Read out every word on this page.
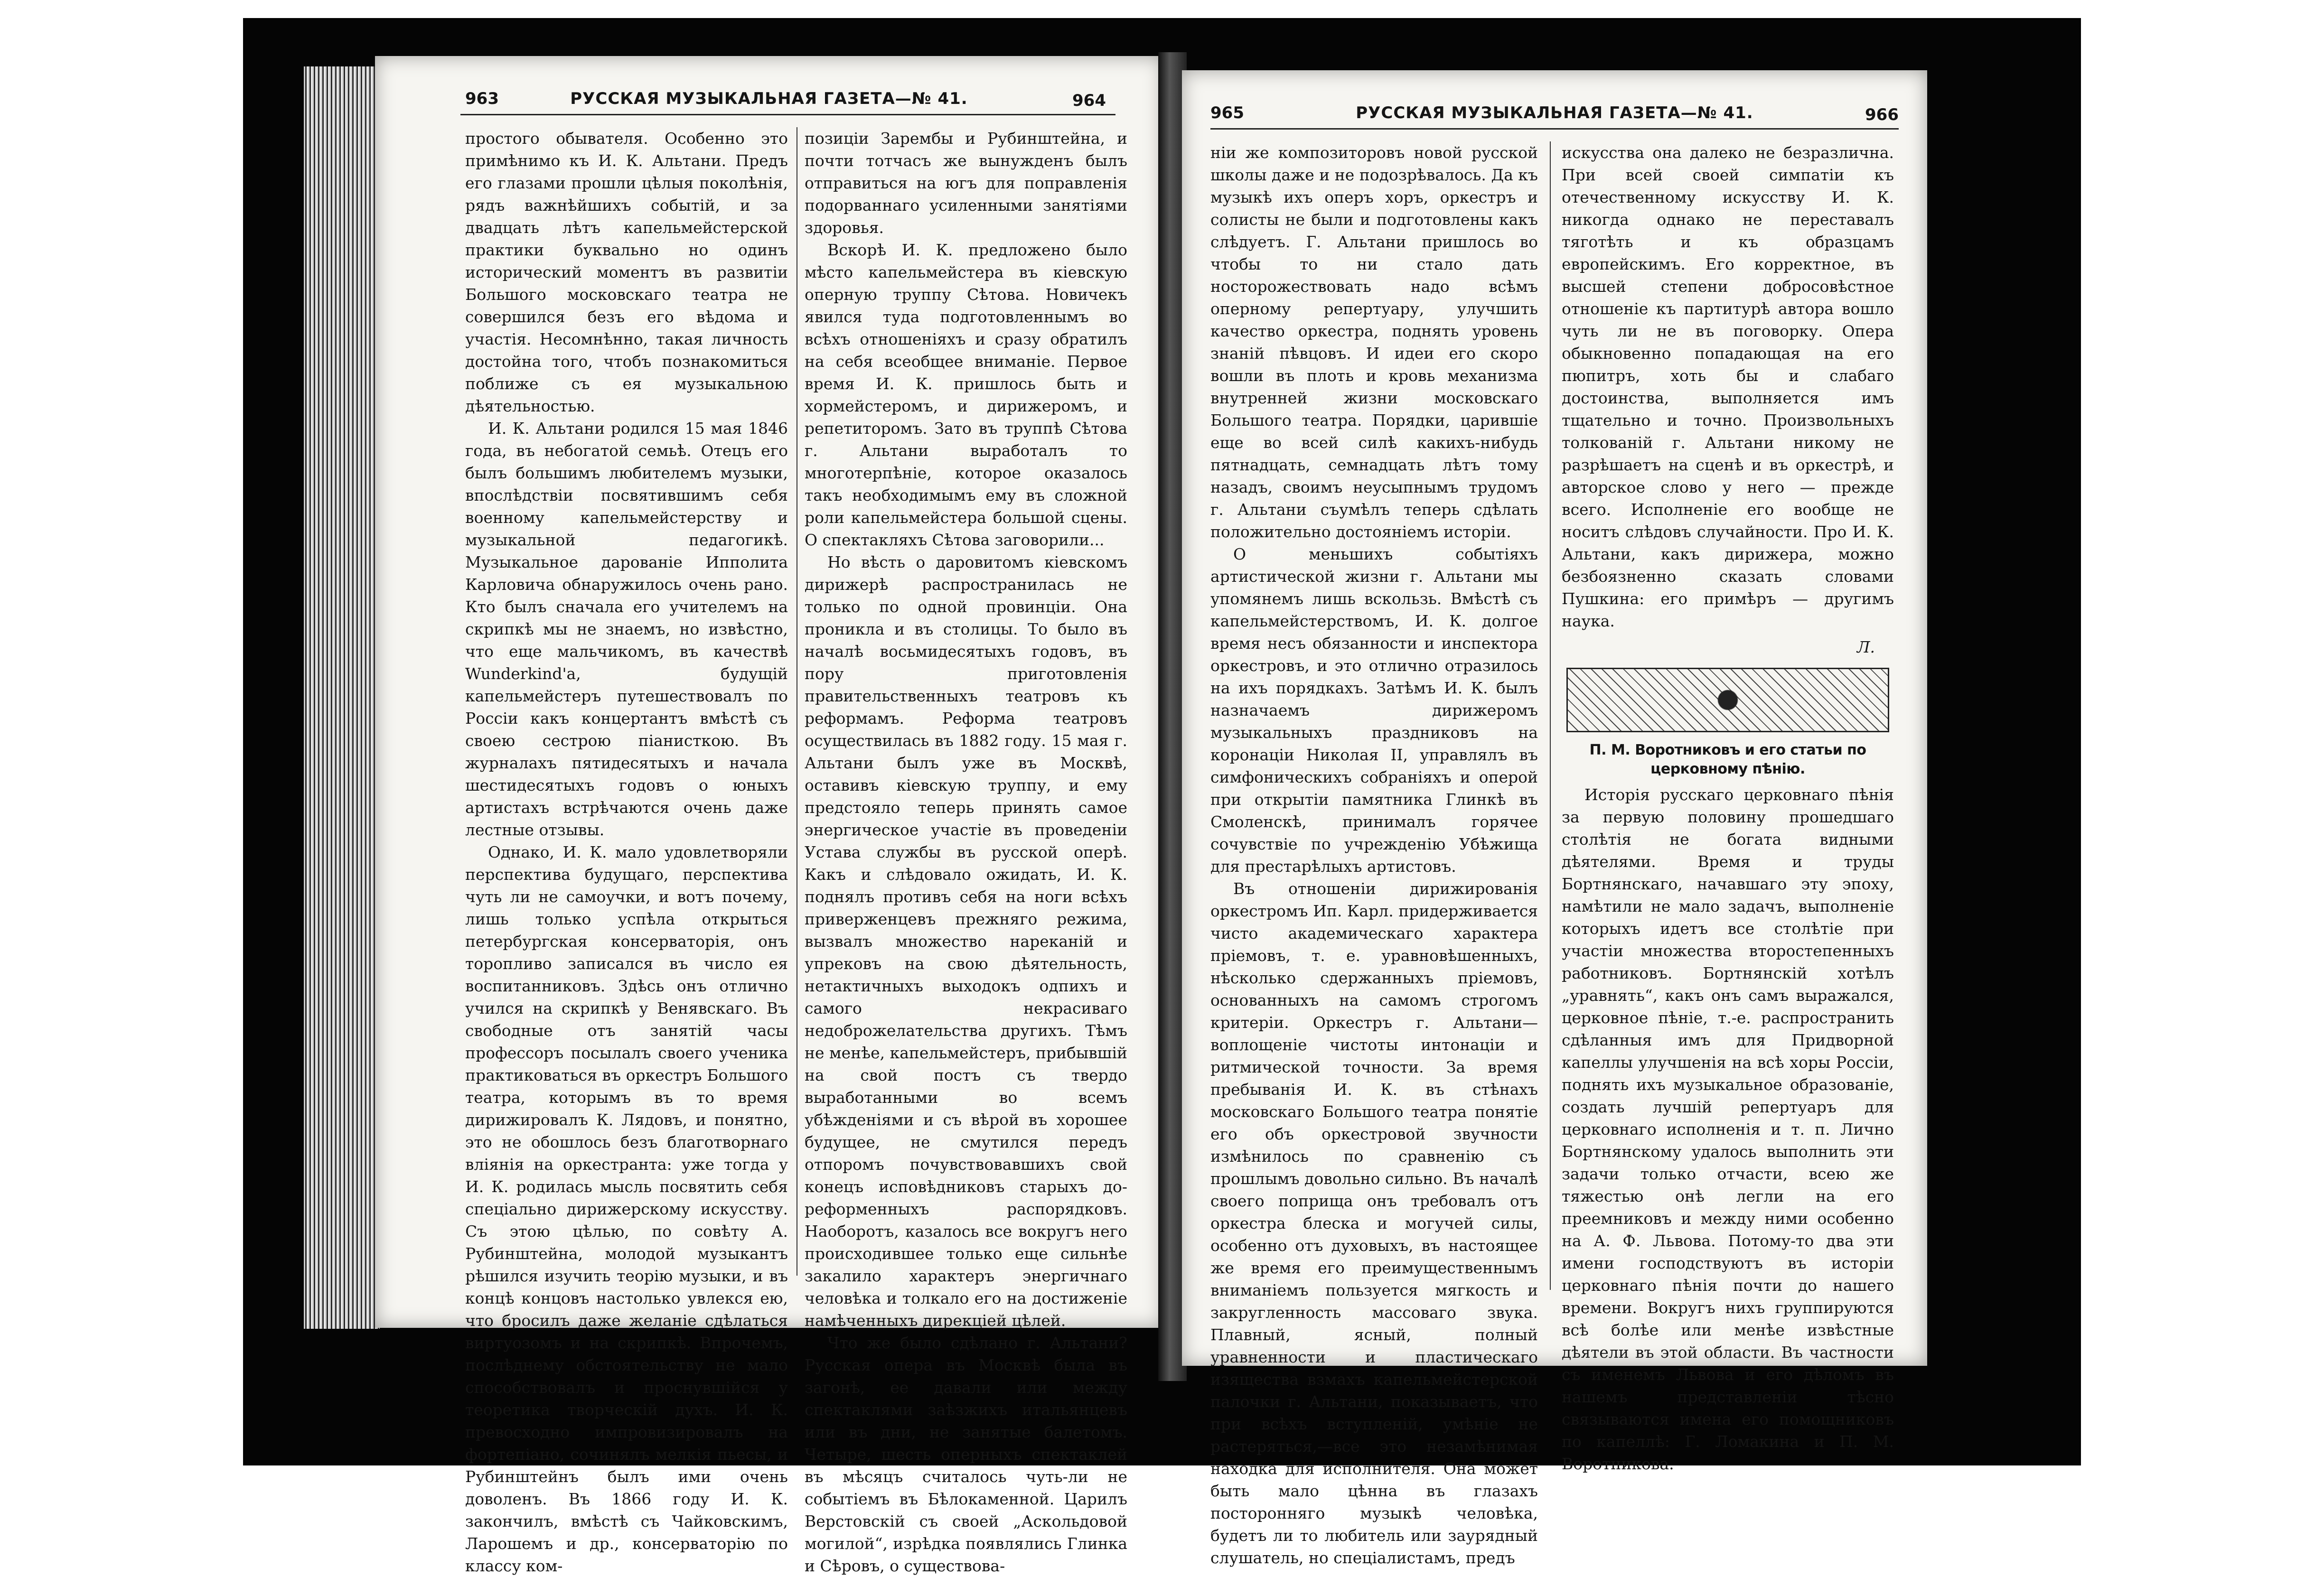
963	РУССКАЯ МУЗЫКАЛЬНАЯ ГАЗЕТА—№ 41.	964

простого обывателя. Особенно это примѣнимо къ И. К. Альтани. Предъ его глазами прошли цѣлыя поколѣнія, рядъ важнѣйшихъ событій, и за двадцать лѣтъ капельмейстерской практики буквально но одинъ исторический моментъ въ развитіи Большого московскаго театра не совершился безъ его вѣдома и участія. Несомнѣнно, такая личность достойна того, чтобъ познакомиться поближе съ ея музыкальною дѣятельностью.

И. К. Альтани родился 15 мая 1846 года, въ небогатой семьѣ. Отецъ его былъ большимъ любителемъ музыки, впослѣдствіи посвятившимъ себя военному капельмейстерству и музыкальной педагогикѣ. Музыкальное дарованіе Ипполита Карловича обнаружилось очень рано. Кто былъ сначала его учителемъ на скрипкѣ мы не знаемъ, но извѣстно, что еще мальчикомъ, въ качествѣ Wunderkind'а, будущій капельмейстеръ путешествовалъ по Россіи какъ концертантъ вмѣстѣ съ своею сестрою піанисткою. Въ журналахъ пятидесятыхъ и начала шестидесятыхъ годовъ о юныхъ артистахъ встрѣчаются очень даже лестные отзывы.

Однако, И. К. мало удовлетворяли перспектива будущаго, перспектива чуть ли не самоучки, и вотъ почему, лишь только успѣла открыться петербургская консерваторія, онъ торопливо записался въ число ея воспитанниковъ. Здѣсь онъ отлично учился на скрипкѣ у Венявскаго. Въ свободные отъ занятій часы профессоръ посылалъ своего ученика практиковаться въ оркестръ Большого театра, которымъ въ то время дирижировалъ К. Лядовъ, и понятно, это не обошлось безъ благотворнаго вліянія на оркестранта: уже тогда у И. К. родилась мысль посвятить себя спеціально дирижерскому искусству. Съ этою цѣлью, по совѣту А. Рубинштейна, молодой музыкантъ рѣшился изучить теорію музыки, и въ концѣ концовъ настолько увлекся ею, что бросилъ даже желаніе сдѣлаться виртуозомъ и на скрипкѣ. Впрочемъ, послѣднему обстоятельству не мало способствовалъ и проснувшійся у теоретика творческій духъ. И. К. превосходно импровизировалъ на фортепіано, сочинялъ мелкія пьесы, и Рубинштейнъ былъ ими очень доволенъ. Въ 1866 году И. К. закончилъ, вмѣстѣ съ Чайковскимъ, Ларошемъ и др., консерваторію по классу ком-

позиціи Зарембы и Рубинштейна, и почти тотчасъ же вынужденъ былъ отправиться на югъ для поправленія подорваннаго усиленными занятіями здоровья.

Вскорѣ И. К. предложено было мѣсто капельмейстера въ кіевскую оперную труппу Сѣтова. Новичекъ явился туда подготовленнымъ во всѣхъ отношеніяхъ и сразу обратилъ на себя всеобщее вниманіе. Первое время И. К. пришлось быть и хормейстеромъ, и дирижеромъ, и репетиторомъ. Зато въ труппѣ Сѣтова г. Альтани выработалъ то многотерпѣніе, которое оказалось такъ необходимымъ ему въ сложной роли капельмейстера большой сцены. О спектакляхъ Сѣтова заговорили...

Но вѣсть о даровитомъ кіевскомъ дирижерѣ распространилась не только по одной провинціи. Она проникла и въ столицы. То было въ началѣ восьмидесятыхъ годовъ, въ пору приготовленія правительственныхъ театровъ къ реформамъ. Реформа театровъ осуществилась въ 1882 году. 15 мая г. Альтани былъ уже въ Москвѣ, оставивъ кіевскую труппу, и ему предстояло теперь принять самое энергическое участіе въ проведеніи Устава службы въ русской оперѣ. Какъ и слѣдовало ожидать, И. К. поднялъ противъ себя на ноги всѣхъ приверженцевъ прежняго режима, вызвалъ множество нареканій и упрековъ на свою дѣятельность, нетактичныхъ выходокъ одпихъ и самого некрасиваго недоброжелательства другихъ. Тѣмъ не менѣе, капельмейстеръ, прибывшій на свой постъ съ твердо выработанными во всемъ убѣжденіями и съ вѣрой въ хорошее будущее, не смутился передъ отпоромъ почувствовавшихъ свой конецъ исповѣдниковъ старыхъ до-реформенныхъ распорядковъ. Наоборотъ, казалось все вокругъ него происходившее только еще сильнѣе закалило характеръ энергичнаго человѣка и толкало его на достиженіе намѣченныхъ дирекціей цѣлей.

Что же было сдѣлано г. Альтани? Русская опера въ Москвѣ была въ загонѣ, ее давали или между спектаклями заѣзжихъ итальянцевъ или въ дни, не занятые балетомъ. Четыре, шесть оперныхъ спектаклей въ мѣсяцъ считалось чуть-ли не событіемъ въ Бѣлокаменной. Царилъ Верстовскій съ своей „Аскольдовой могилой“, изрѣдка появлялись Глинка и Сѣровъ, о существова-

965	РУССКАЯ МУЗЫКАЛЬНАЯ ГАЗЕТА—№ 41.	966

ніи же композиторовъ новой русской школы даже и не подозрѣвалось. Да къ музыкѣ ихъ оперъ хоръ, оркестръ и солисты не были и подготовлены какъ слѣдуетъ. Г. Альтани пришлось во чтобы то ни стало дать носторожествовать надо всѣмъ оперному репертуару, улучшить качество оркестра, поднять уровень знаній пѣвцовъ. И идеи его скоро вошли въ плоть и кровь механизма внутренней жизни московскаго Большого театра. Порядки, царившіе еще во всей силѣ какихъ-нибудь пятнадцать, семнадцать лѣтъ тому назадъ, своимъ неусыпнымъ трудомъ г. Альтани съумѣлъ теперь сдѣлать положительно достояніемъ исторіи.

О меньшихъ событіяхъ артистической жизни г. Альтани мы упомянемъ лишь вскользь. Вмѣстѣ съ капельмейстерствомъ, И. К. долгое время несъ обязанности и инспектора оркестровъ, и это отлично отразилось на ихъ порядкахъ. Затѣмъ И. К. былъ назначаемъ дирижеромъ музыкальныхъ праздниковъ на коронаціи Николая II, управлялъ въ симфоническихъ собраніяхъ и оперой при открытіи памятника Глинкѣ въ Смоленскѣ, принималъ горячее сочувствіе по учрежденію Убѣжища для престарѣлыхъ артистовъ.

Въ отношеніи дирижированія оркестромъ Ип. Карл. придерживается чисто академическаго характера пріемовъ, т. е. уравновѣшенныхъ, нѣсколько сдержанныхъ пріемовъ, основанныхъ на самомъ строгомъ критеріи. Оркестръ г. Альтани—воплощеніе чистоты интонаціи и ритмической точности. За время пребыванія И. К. въ стѣнахъ московскаго Большого театра понятіе его объ оркестровой звучности измѣнилось по сравненію съ прошлымъ довольно сильно. Въ началѣ своего поприща онъ требовалъ отъ оркестра блеска и могучей силы, особенно отъ духовыхъ, въ настоящее же время его преимущественнымъ вниманіемъ пользуется мягкость и закругленность массоваго звука. Плавный, ясный, полный уравненности и пластическаго изящества взмахъ капельмейстерской палочки г. Альтани, показываетъ, что при всѣхъ вступленій, умѣніе не растеряться,—все это незамѣнимая находка для исполнителя. Она может быть мало цѣнна въ глазахъ посторонняго музыкѣ человѣка, будетъ ли то любитель или заурядный слушатель, но спеціалистамъ, предъ

искусства она далеко не безразлична. При всей своей симпатіи къ отечественному искусству И. К. никогда однако не переставалъ тяготѣть и къ образцамъ европейскимъ. Его корректное, въ высшей степени добросовѣстное отношеніе къ партитурѣ автора вошло чуть ли не въ поговорку. Опера обыкновенно попадающая на его пюпитръ, хоть бы и слабаго достоинства, выполняется имъ тщательно и точно. Произвольныхъ толкованій г. Альтани никому не разрѣшаетъ на сценѣ и въ оркестрѣ, и авторское слово у него — прежде всего. Исполненіе его вообще не носитъ слѣдовъ случайности. Про И. К. Альтани, какъ дирижера, можно безбоязненно сказать словами Пушкина: его примѣръ — другимъ наука.

Л.

П. М. Воротниковъ и его статьи по церковному пѣнію.

Исторія русскаго церковнаго пѣнія за первую половину прошедшаго столѣтія не богата видными дѣятелями. Время и труды Бортнянскаго, начавшаго эту эпоху, намѣтили не мало задачъ, выполненіе которыхъ идетъ все столѣтіе при участіи множества второстепенныхъ работниковъ. Бортнянскій хотѣлъ „уравнять“, какъ онъ самъ выражался, церковное пѣніе, т.-е. распространить сдѣланныя имъ для Придворной капеллы улучшенія на всѣ хоры Россіи, поднять ихъ музыкальное образованіе, создать лучшій репертуаръ для церковнаго исполненія и т. п. Лично Бортнянскому удалось выполнить эти задачи только отчасти, всею же тяжестью онѣ легли на его преемниковъ и между ними особенно на А. Ф. Львова. Потому-то два эти имени господствуютъ въ исторіи церковнаго пѣнія почти до нашего времени. Вокругъ нихъ группируются всѣ болѣе или менѣе извѣстные дѣятели въ этой области. Въ частности съ именемъ Львова и его дѣломъ въ нашемъ представленіи тѣсно связываются имена его помощниковъ по капеллѣ: Г. Ломакина и П. М. Воротникова.
